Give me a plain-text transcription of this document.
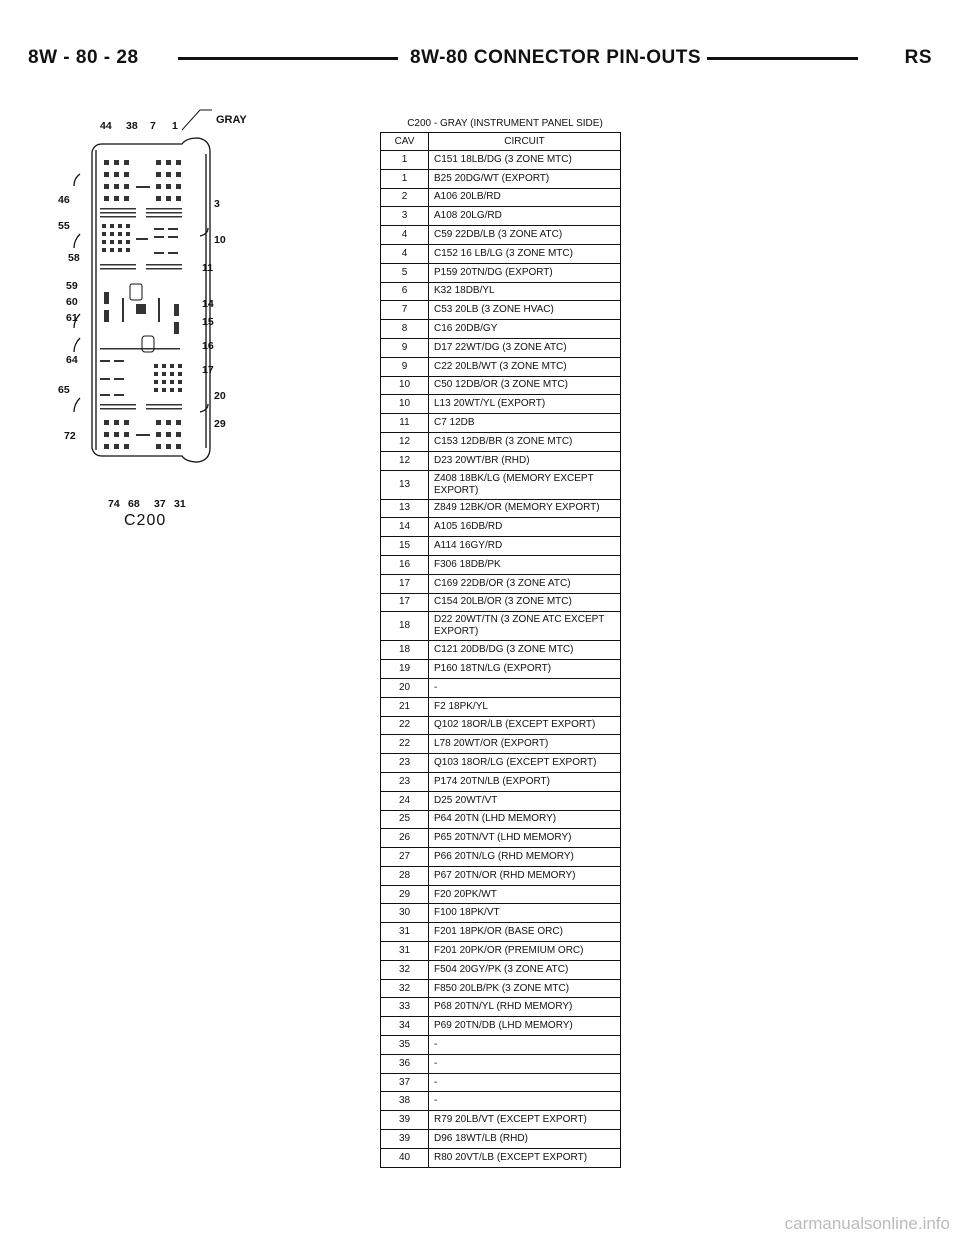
8W - 80 - 28	8W-80 CONNECTOR PIN-OUTS	RS
44 38 7 1	GRAY
46
55
58
59
60
61
64
65
72
3
10
11
14
15
16
17
20
29
74 68 37 31
C200
C200 - GRAY (INSTRUMENT PANEL SIDE)
CAV	CIRCUIT
1	C151 18LB/DG (3 ZONE MTC)
1	B25 20DG/WT (EXPORT)
2	A106 20LB/RD
3	A108 20LG/RD
4	C59 22DB/LB (3 ZONE ATC)
4	C152 16 LB/LG (3 ZONE MTC)
5	P159 20TN/DG (EXPORT)
6	K32 18DB/YL
7	C53 20LB (3 ZONE HVAC)
8	C16 20DB/GY
9	D17 22WT/DG (3 ZONE ATC)
9	C22 20LB/WT (3 ZONE MTC)
10	C50 12DB/OR (3 ZONE MTC)
10	L13 20WT/YL (EXPORT)
11	C7 12DB
12	C153 12DB/BR (3 ZONE MTC)
12	D23 20WT/BR (RHD)
13	Z408 18BK/LG (MEMORY EXCEPT EXPORT)
13	Z849 12BK/OR (MEMORY EXPORT)
14	A105 16DB/RD
15	A114 16GY/RD
16	F306 18DB/PK
17	C169 22DB/OR (3 ZONE ATC)
17	C154 20LB/OR (3 ZONE MTC)
18	D22 20WT/TN (3 ZONE ATC EXCEPT EXPORT)
18	C121 20DB/DG (3 ZONE MTC)
19	P160 18TN/LG (EXPORT)
20	-
21	F2 18PK/YL
22	Q102 18OR/LB (EXCEPT EXPORT)
22	L78 20WT/OR (EXPORT)
23	Q103 18OR/LG (EXCEPT EXPORT)
23	P174 20TN/LB (EXPORT)
24	D25 20WT/VT
25	P64 20TN (LHD MEMORY)
26	P65 20TN/VT (LHD MEMORY)
27	P66 20TN/LG (RHD MEMORY)
28	P67 20TN/OR (RHD MEMORY)
29	F20 20PK/WT
30	F100 18PK/VT
31	F201 18PK/OR (BASE ORC)
31	F201 20PK/OR (PREMIUM ORC)
32	F504 20GY/PK (3 ZONE ATC)
32	F850 20LB/PK (3 ZONE MTC)
33	P68 20TN/YL (RHD MEMORY)
34	P69 20TN/DB (LHD MEMORY)
35	-
36	-
37	-
38	-
39	R79 20LB/VT (EXCEPT EXPORT)
39	D96 18WT/LB (RHD)
40	R80 20VT/LB (EXCEPT EXPORT)
carmanualsonline.info
